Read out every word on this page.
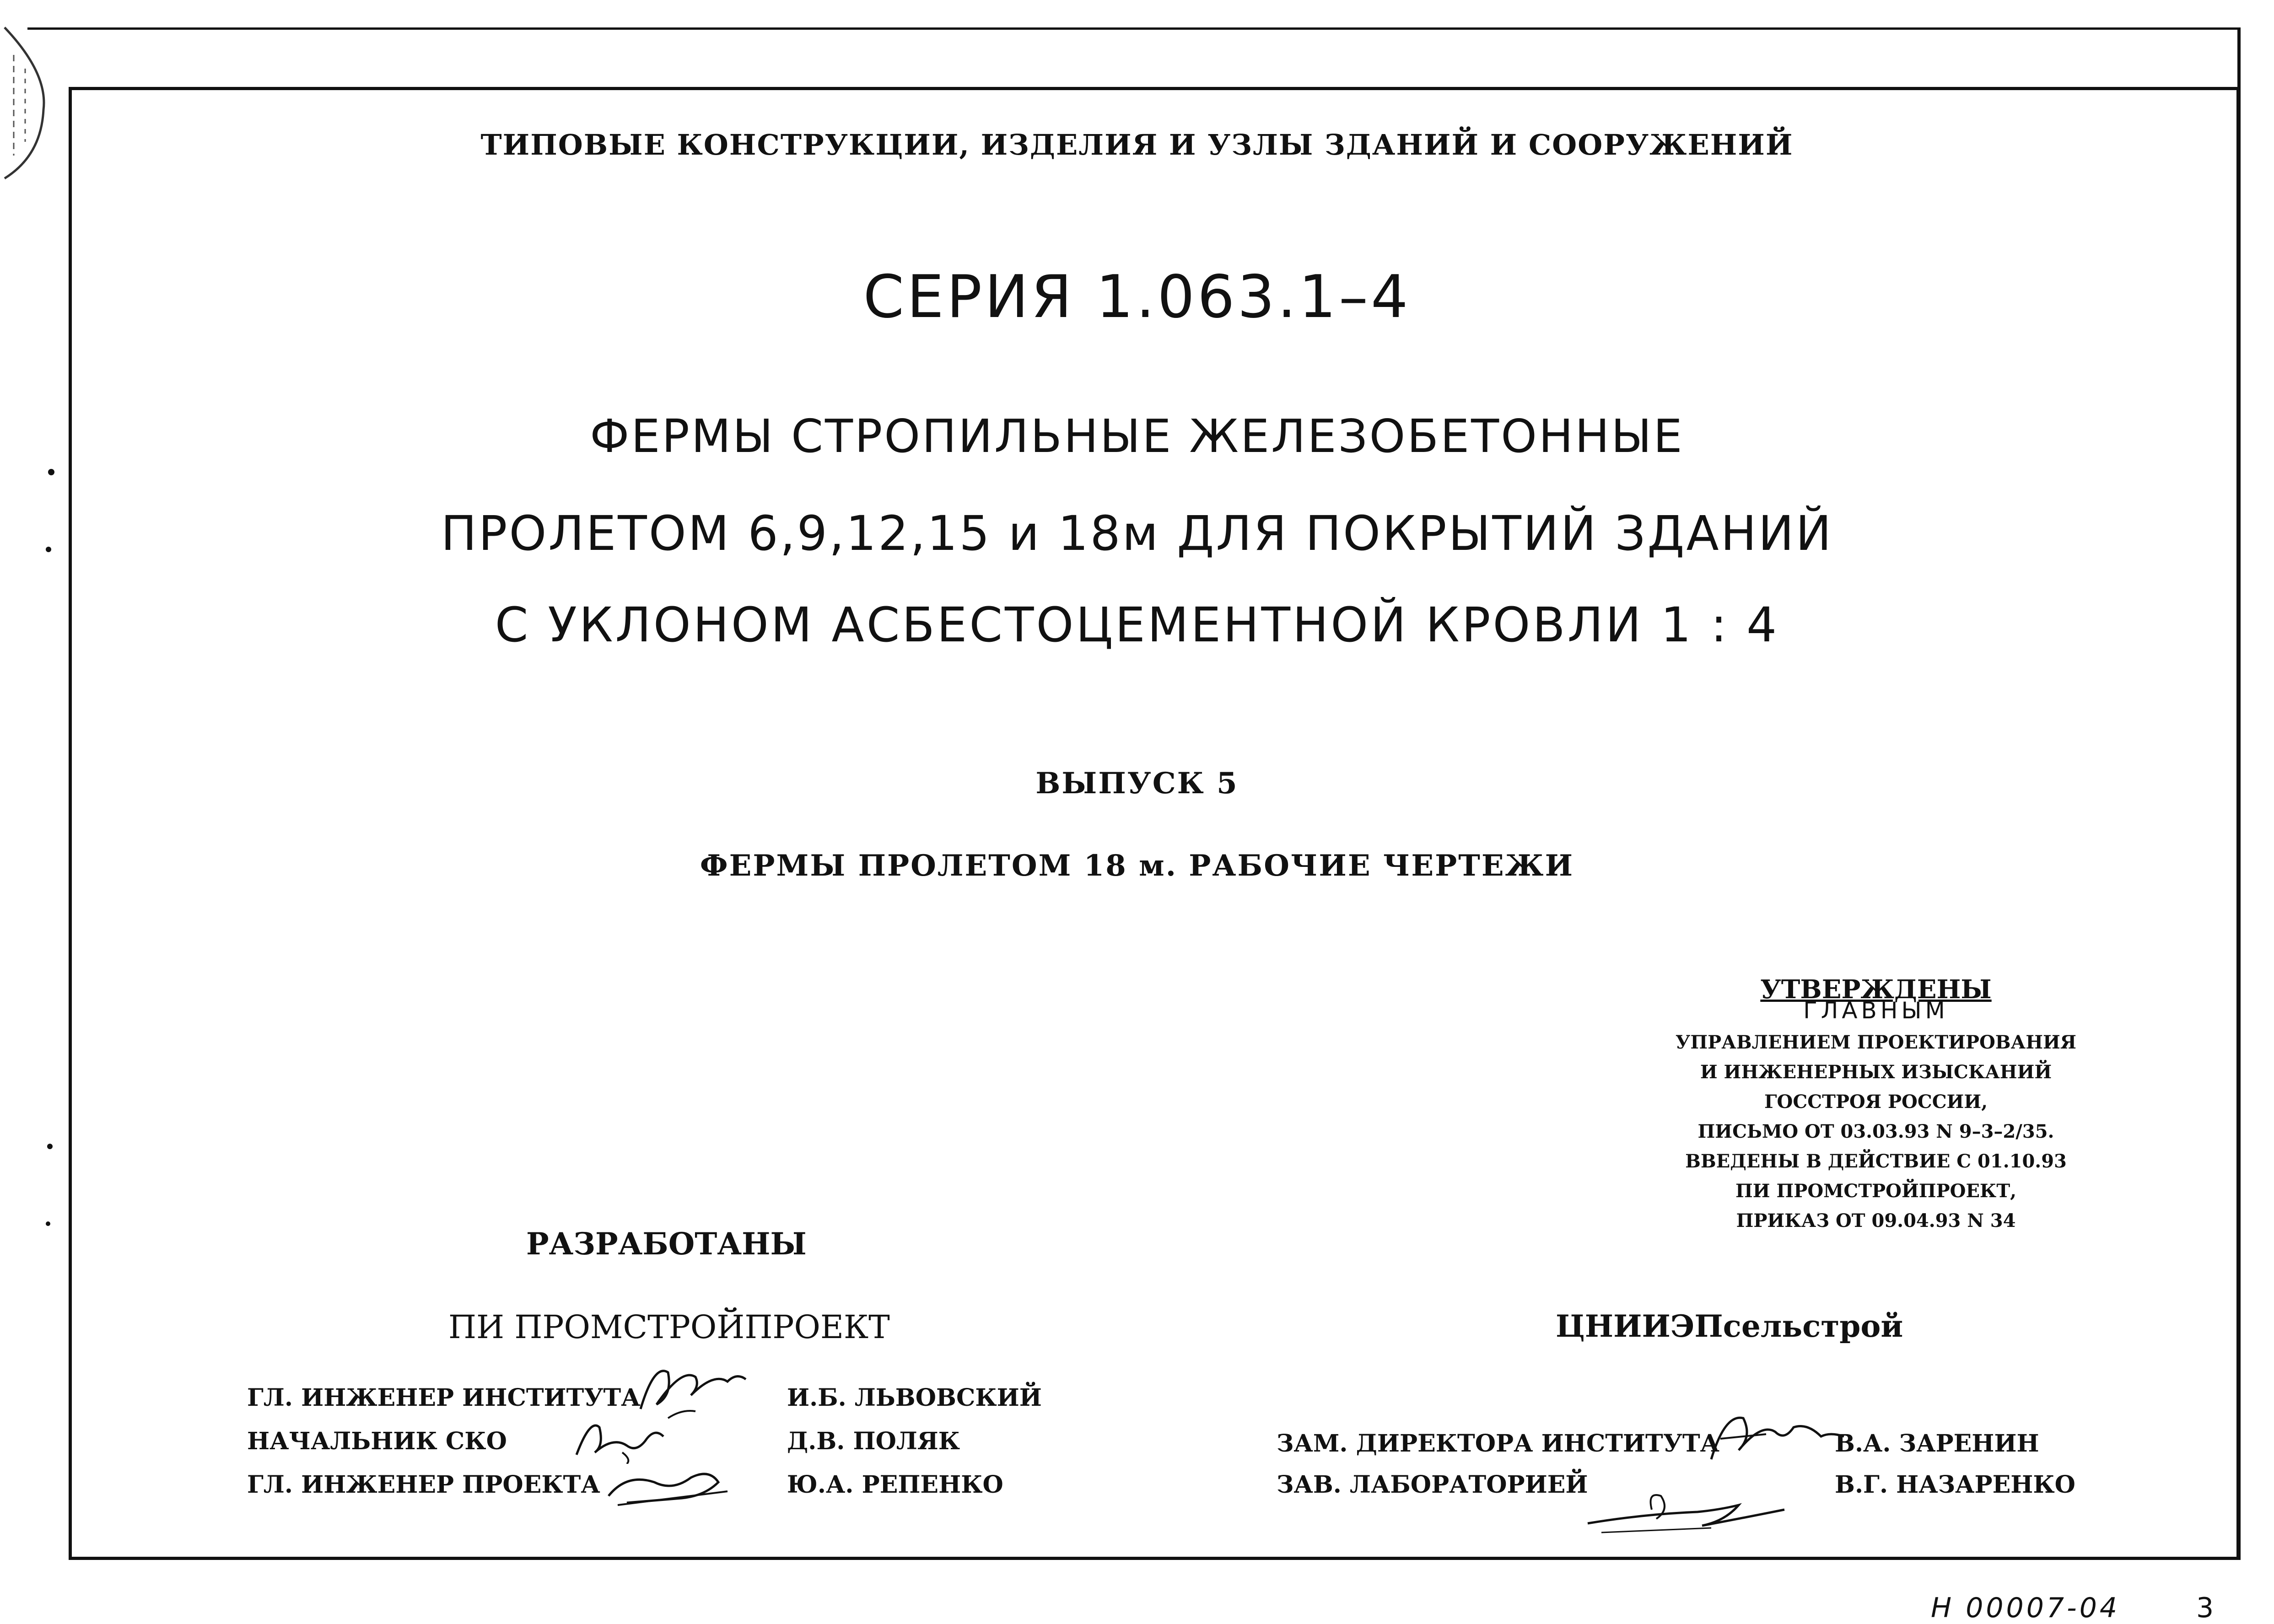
ТИПОВЫЕ КОНСТРУКЦИИ, ИЗДЕЛИЯ И УЗЛЫ ЗДАНИЙ И СООРУЖЕНИЙ
СЕРИЯ 1.063.1–4
ФЕРМЫ СТРОПИЛЬНЫЕ ЖЕЛЕЗОБЕТОННЫЕ
ПРОЛЕТОМ 6,9,12,15 и 18м ДЛЯ ПОКРЫТИЙ ЗДАНИЙ
С УКЛОНОМ АСБЕСТОЦЕМЕНТНОЙ КРОВЛИ 1 : 4
ВЫПУСК 5
ФЕРМЫ ПРОЛЕТОМ 18 м. РАБОЧИЕ ЧЕРТЕЖИ
УТВЕРЖДЕНЫ
ГЛАВНЫМ
УПРАВЛЕНИЕМ ПРОЕКТИРОВАНИЯ
И ИНЖЕНЕРНЫХ ИЗЫСКАНИЙ
ГОССТРОЯ РОССИИ,
ПИСЬМО ОТ 03.03.93 N 9–3–2/35.
ВВЕДЕНЫ В ДЕЙСТВИЕ С 01.10.93
ПИ ПРОМСТРОЙПРОЕКТ,
ПРИКАЗ ОТ 09.04.93 N 34
РАЗРАБОТАНЫ
ПИ ПРОМСТРОЙПРОЕКТ	ЦНИИЭПсельстрой
ГЛ. ИНЖЕНЕР ИНСТИТУТА	И.Б. ЛЬВОВСКИЙ
НАЧАЛЬНИК СКО	Д.В. ПОЛЯК
ГЛ. ИНЖЕНЕР ПРОЕКТА	Ю.А. РЕПЕНКО
ЗАМ. ДИРЕКТОРА ИНСТИТУТА	В.А. ЗАРЕНИН
ЗАВ. ЛАБОРАТОРИЕЙ	В.Г. НАЗАРЕНКО
Н 00007-04	3
